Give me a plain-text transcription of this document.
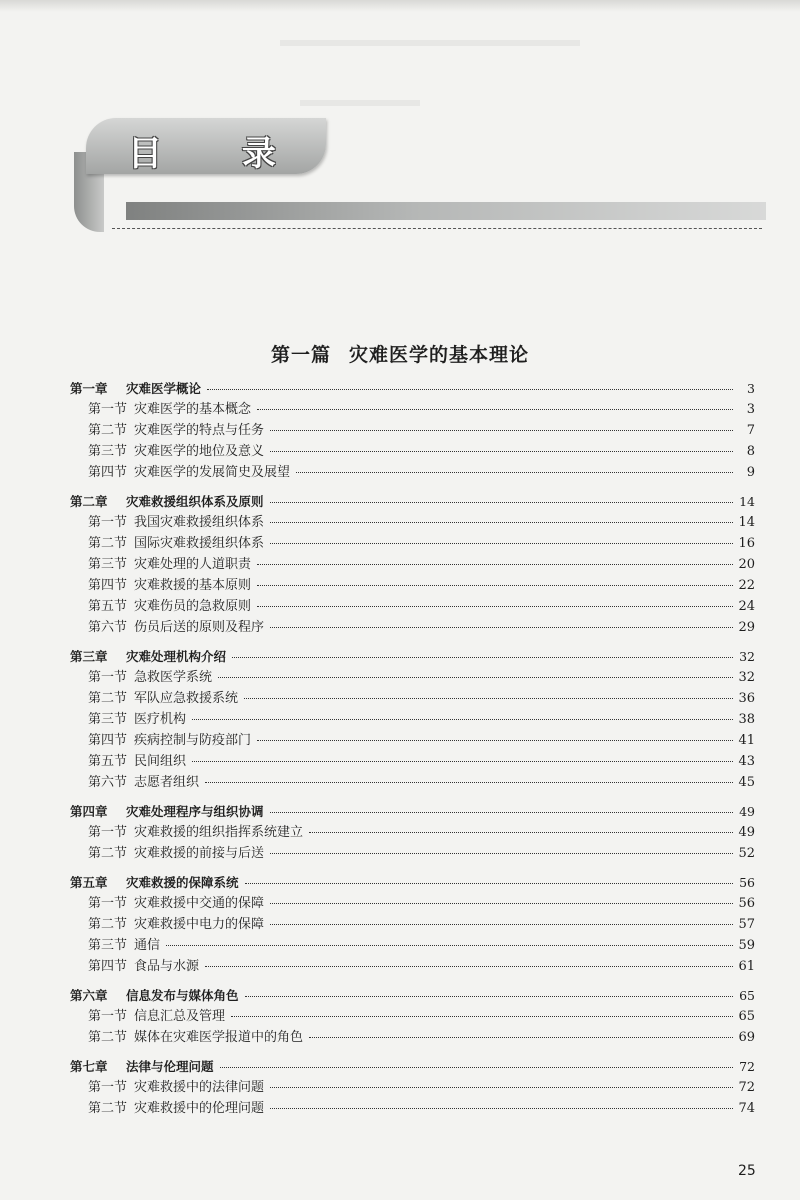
目 录
第一篇 灾难医学的基本理论
第一章	灾难医学概论	3
第一节 灾难医学的基本概念	3
第二节 灾难医学的特点与任务	7
第三节 灾难医学的地位及意义	8
第四节 灾难医学的发展简史及展望	9
第二章	灾难救援组织体系及原则	14
第一节 我国灾难救援组织体系	14
第二节 国际灾难救援组织体系	16
第三节 灾难处理的人道职责	20
第四节 灾难救援的基本原则	22
第五节 灾难伤员的急救原则	24
第六节 伤员后送的原则及程序	29
第三章	灾难处理机构介绍	32
第一节 急救医学系统	32
第二节 军队应急救援系统	36
第三节 医疗机构	38
第四节 疾病控制与防疫部门	41
第五节 民间组织	43
第六节 志愿者组织	45
第四章	灾难处理程序与组织协调	49
第一节 灾难救援的组织指挥系统建立	49
第二节 灾难救援的前接与后送	52
第五章	灾难救援的保障系统	56
第一节 灾难救援中交通的保障	56
第二节 灾难救援中电力的保障	57
第三节 通信	59
第四节 食品与水源	61
第六章	信息发布与媒体角色	65
第一节 信息汇总及管理	65
第二节 媒体在灾难医学报道中的角色	69
第七章	法律与伦理问题	72
第一节 灾难救援中的法律问题	72
第二节 灾难救援中的伦理问题	74
25
